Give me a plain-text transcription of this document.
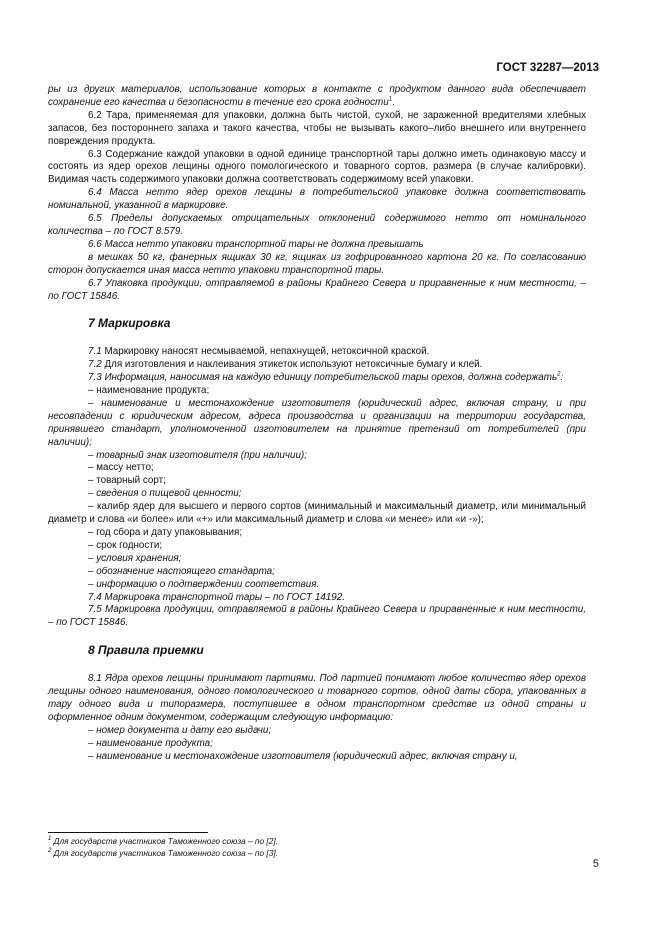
ГОСТ 32287—2013

ры из других материалов, использование которых в контакте с продуктом данного вида обеспечивает сохранение его качества и безопасности в течение его срока годности$^1$.

6.2 Тара, применяемая для упаковки, должна быть чистой, сухой, не зараженной вредителями хлебных запасов, без постороннего запаха и такого качества, чтобы не вызывать какого–либо внешнего или внутреннего повреждения продукта.

6.3 Содержание каждой упаковки в одной единице транспортной тары должно иметь одинаковую массу и состоять из ядер орехов лещины одного помологического и товарного сортов, размера (в случае калибровки). Видимая часть содержимого упаковки должна соответствовать содержимому всей упаковки.

6.4 Масса нетто ядер орехов лещины в потребительской упаковке должна соответствовать номинальной, указанной в маркировке.

6.5 Пределы допускаемых отрицательных отклонений содержимого нетто от номинального количества – по ГОСТ 8.579.

6.6 Масса нетто упаковки транспортной тары не должна превышать

в мешках 50 кг, фанерных ящиках 30 кг, ящиках из гофрированного картона 20 кг. По согласованию сторон допускается иная масса нетто упаковки транспортной тары.

6.7 Упаковка продукции, отправляемой в районы Крайнего Севера и приравненные к ним местности, – по ГОСТ 15846.

7 Маркировка

7.1 Маркировку наносят несмываемой, непахнущей, нетоксичной краской.

7.2 Для изготовления и наклеивания этикеток используют нетоксичные бумагу и клей.

7.3 Информация, наносимая на каждую единицу потребительской тары орехов, должна содержать$^2$:

– наименование продукта;

– наименование и местонахождение изготовителя (юридический адрес, включая страну, и при несовпадении с юридическим адресом, адреса производства и организации на территории государства, принявшего стандарт, уполномоченной изготовителем на принятие претензий от потребителей (при наличии);

– товарный знак изготовителя (при наличии);

– массу нетто;

– товарный сорт;

– сведения о пищевой ценности;

– калибр ядер для высшего и первого сортов (минимальный и максимальный диаметр, или минимальный диаметр и слова «и более» или «+» или максимальный диаметр и слова «и менее» или «и -»);

– год сбора и дату упаковывания;

– срок годности;

– условия хранения;

– обозначение настоящего стандарта;

– информацию о подтверждении соответствия.

7.4 Маркировка транспортной тары – по ГОСТ 14192.

7.5 Маркировка продукции, отправляемой в районы Крайнего Севера и приравненные к ним местности, – по ГОСТ 15846.

8 Правила приемки

8.1 Ядра орехов лещины принимают партиями. Под партией понимают любое количество ядер орехов лещины одного наименования, одного помологического и товарного сортов, одной даты сбора, упакованных в тару одного вида и типоразмера, поступившее в одном транспортном средстве из одной страны и оформленное одним документом, содержащим следующую информацию:

– номер документа и дату его выдачи;

– наименование продукта;

– наименование и местонахождение изготовителя (юридический адрес, включая страну и,

$^1$ Для государств участников Таможенного союза – по [2].
$^2$ Для государств участников Таможенного союза – по [3].
5
